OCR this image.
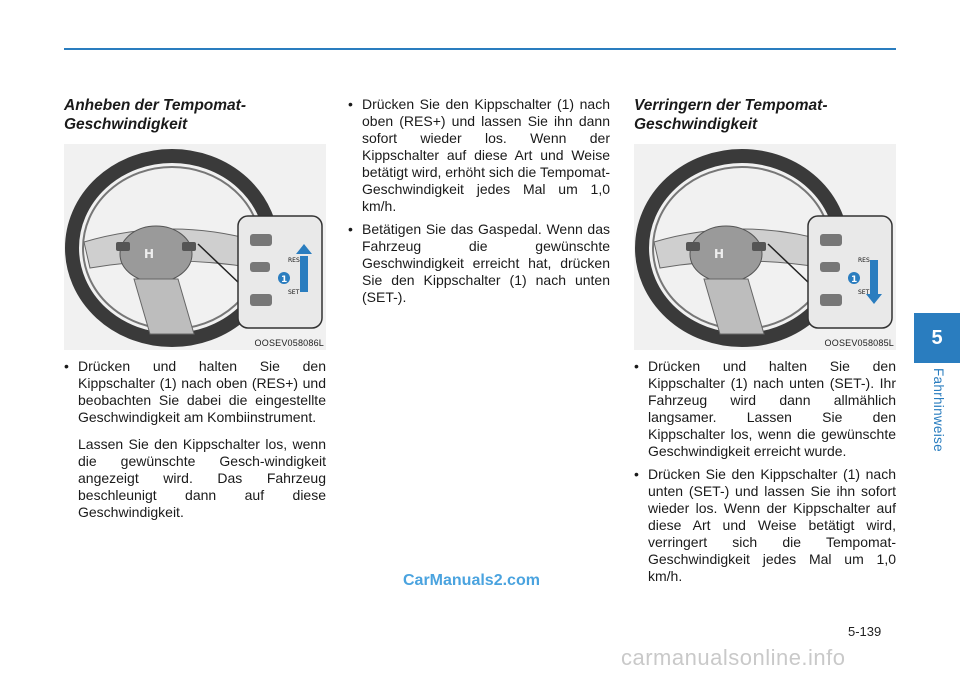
Anheben der Tempomat-Geschwindigkeit
H	RES
SET
1
OOSEV058086L
• Drücken und halten Sie den Kippschalter (1) nach oben (RES+) und beobachten Sie dabei die eingestellte Geschwindigkeit am Kombiinstrument.

Lassen Sie den Kippschalter los, wenn die gewünschte Gesch-windigkeit angezeigt wird. Das Fahrzeug beschleunigt dann auf diese Geschwindigkeit.

• Drücken Sie den Kippschalter (1) nach oben (RES+) und lassen Sie ihn dann sofort wieder los. Wenn der Kippschalter auf diese Art und Weise betätigt wird, erhöht sich die Tempomat-Geschwindigkeit jedes Mal um 1,0 km/h.
• Betätigen Sie das Gaspedal. Wenn das Fahrzeug die gewünschte Geschwindigkeit erreicht hat, drücken Sie den Kippschalter (1) nach unten (SET-).
Verringern der Tempomat-Geschwindigkeit
H	RES
SET
1
OOSEV058085L
• Drücken und halten Sie den Kippschalter (1) nach unten (SET-). Ihr Fahrzeug wird dann allmählich langsamer. Lassen Sie den Kippschalter los, wenn die gewünschte Geschwindigkeit erreicht wurde.
• Drücken Sie den Kippschalter (1) nach unten (SET-) und lassen Sie ihn sofort wieder los. Wenn der Kippschalter auf diese Art und Weise betätigt wird, verringert sich die Tempomat-Geschwindigkeit jedes Mal um 1,0 km/h.
5
Fahrhinweise
5-139
CarManuals2.com
carmanualsonline.info
